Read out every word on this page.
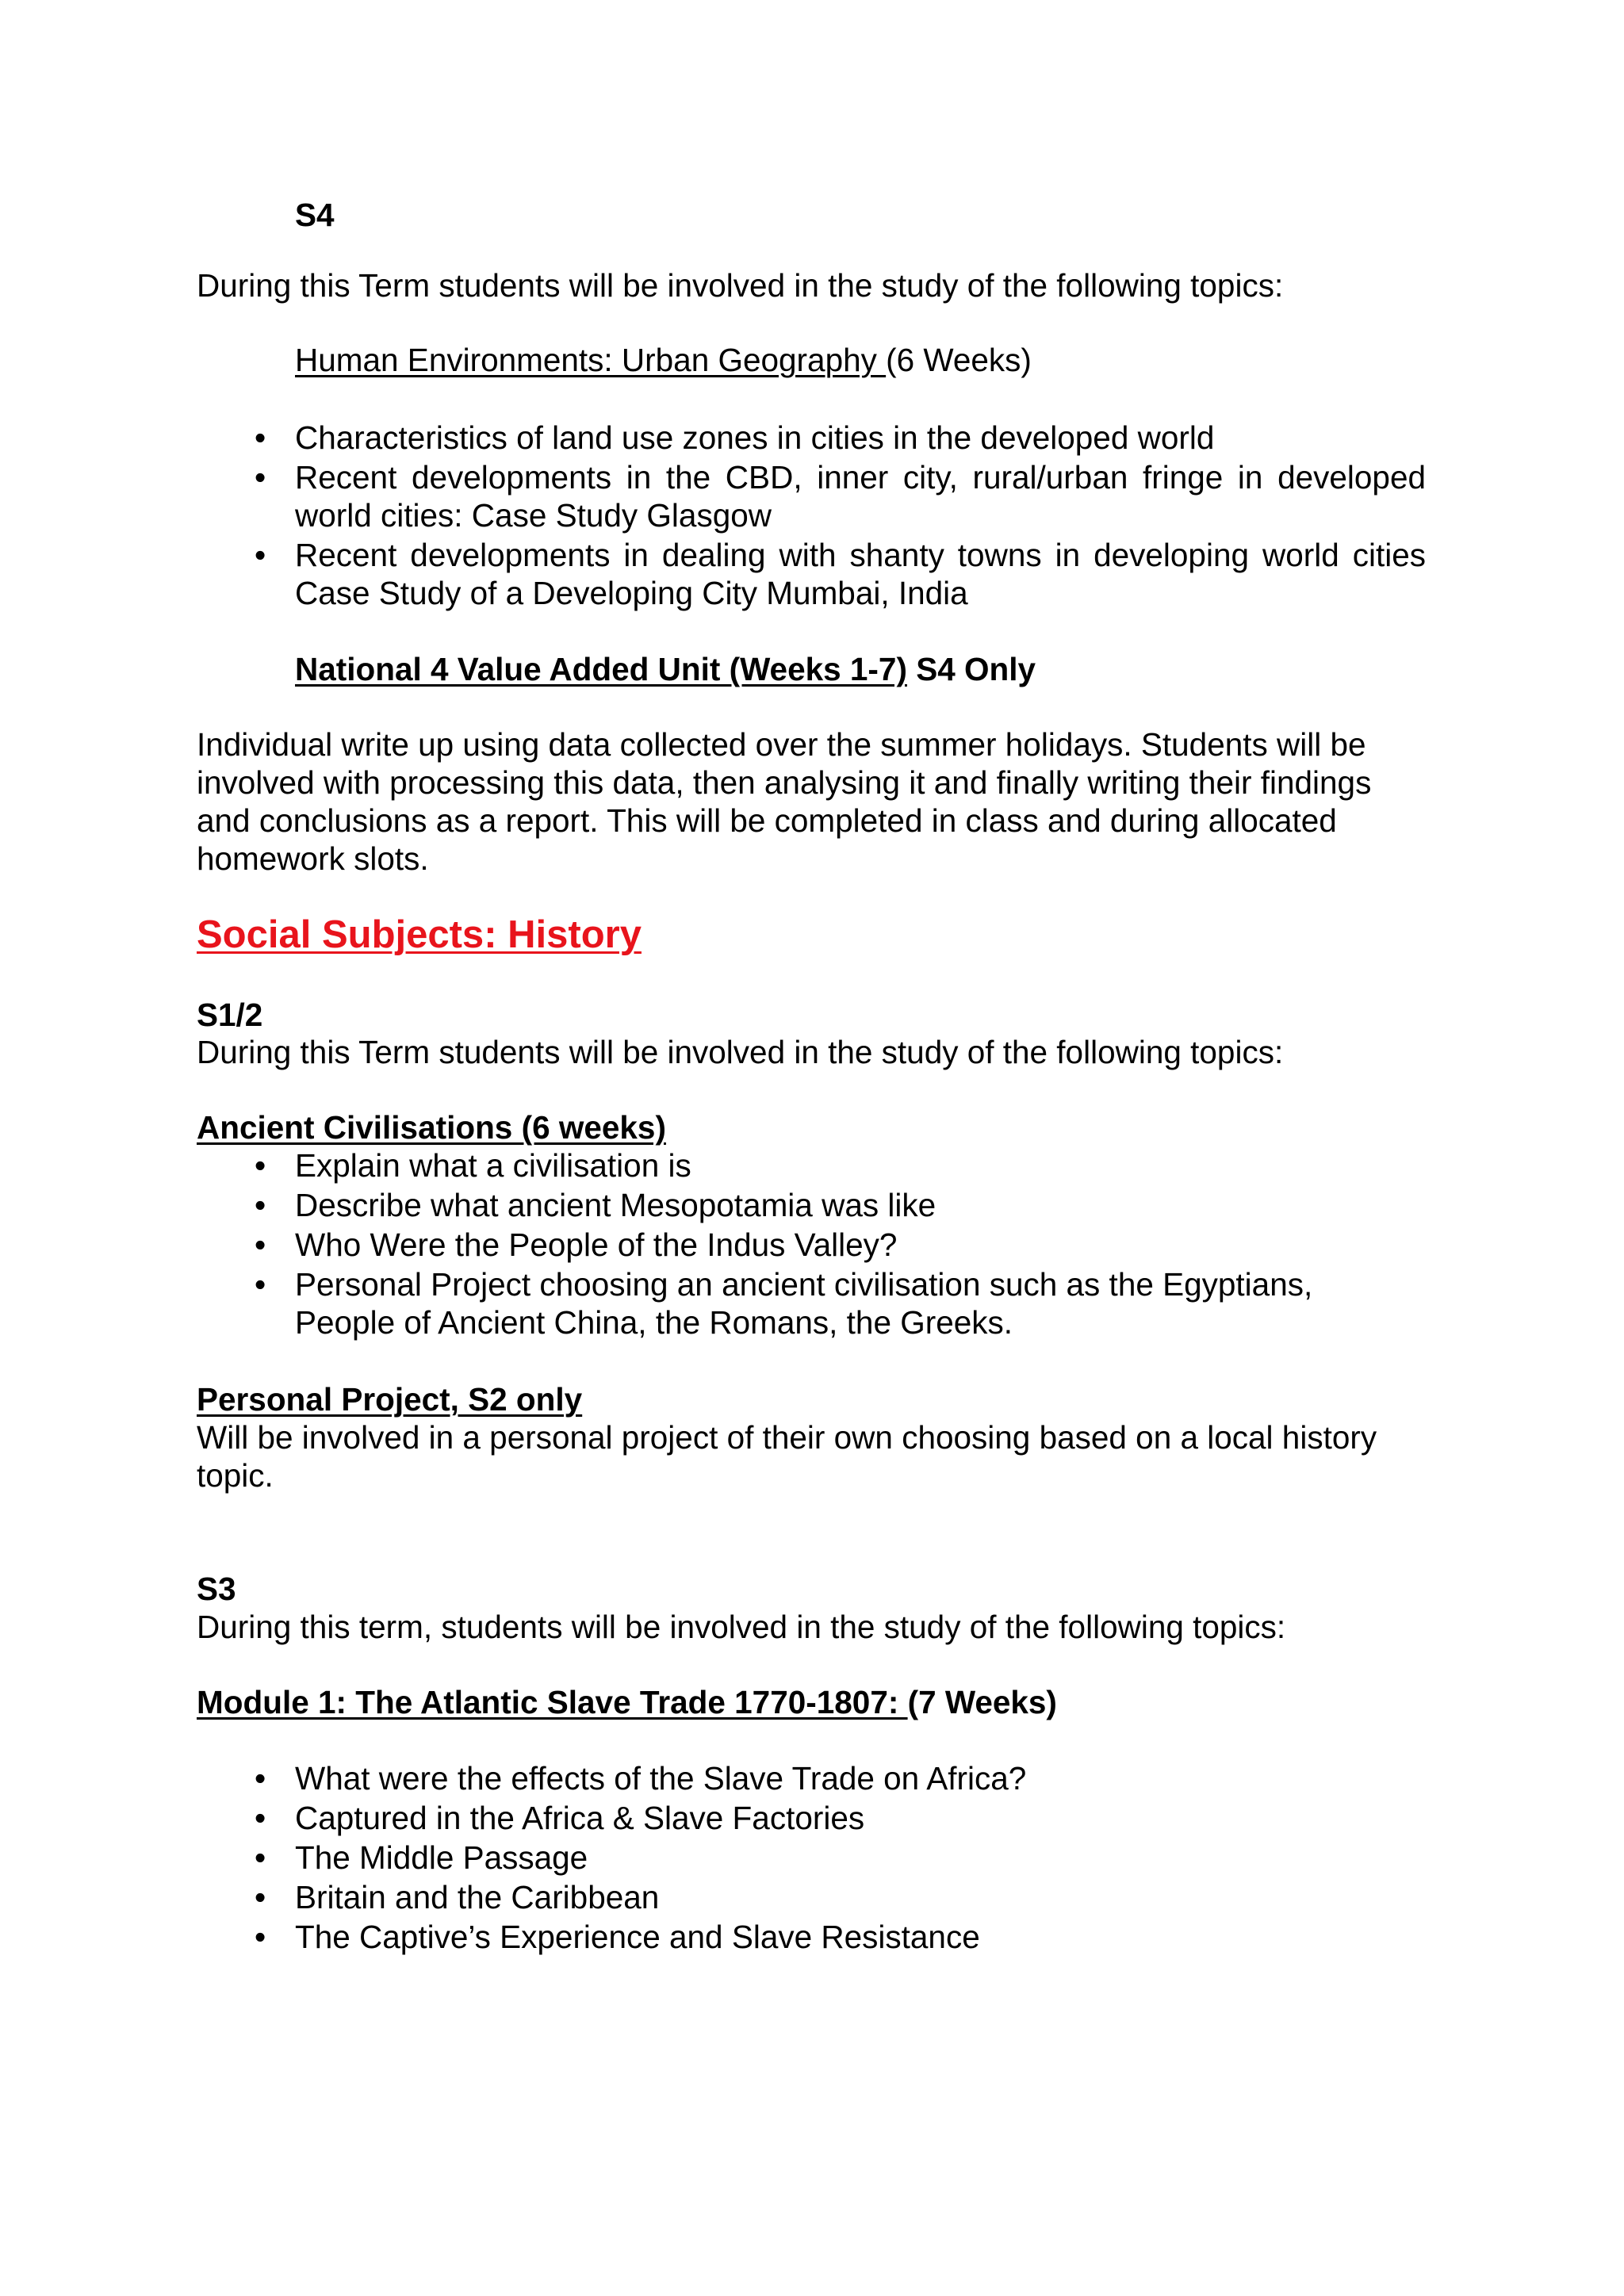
S4

During this Term students will be involved in the study of the following topics:

Human Environments: Urban Geography (6 Weeks)

• Characteristics of land use zones in cities in the developed world
• Recent developments in the CBD, inner city, rural/urban fringe in developed world cities: Case Study Glasgow
• Recent developments in dealing with shanty towns in developing world cities Case Study of a Developing City Mumbai, India

National 4 Value Added Unit (Weeks 1-7) S4 Only

Individual write up using data collected over the summer holidays. Students will be involved with processing this data, then analysing it and finally writing their findings and conclusions as a report. This will be completed in class and during allocated homework slots.

Social Subjects: History

S1/2

During this Term students will be involved in the study of the following topics:

Ancient Civilisations (6 weeks)

• Explain what a civilisation is
• Describe what ancient Mesopotamia was like
• Who Were the People of the Indus Valley?
• Personal Project choosing an ancient civilisation such as the Egyptians, People of Ancient China, the Romans, the Greeks.

Personal Project, S2 only

Will be involved in a personal project of their own choosing based on a local history topic.

S3

During this term, students will be involved in the study of the following topics:

Module 1: The Atlantic Slave Trade 1770-1807: (7 Weeks)

• What were the effects of the Slave Trade on Africa?
• Captured in the Africa & Slave Factories
• The Middle Passage
• Britain and the Caribbean
• The Captive’s Experience and Slave Resistance
